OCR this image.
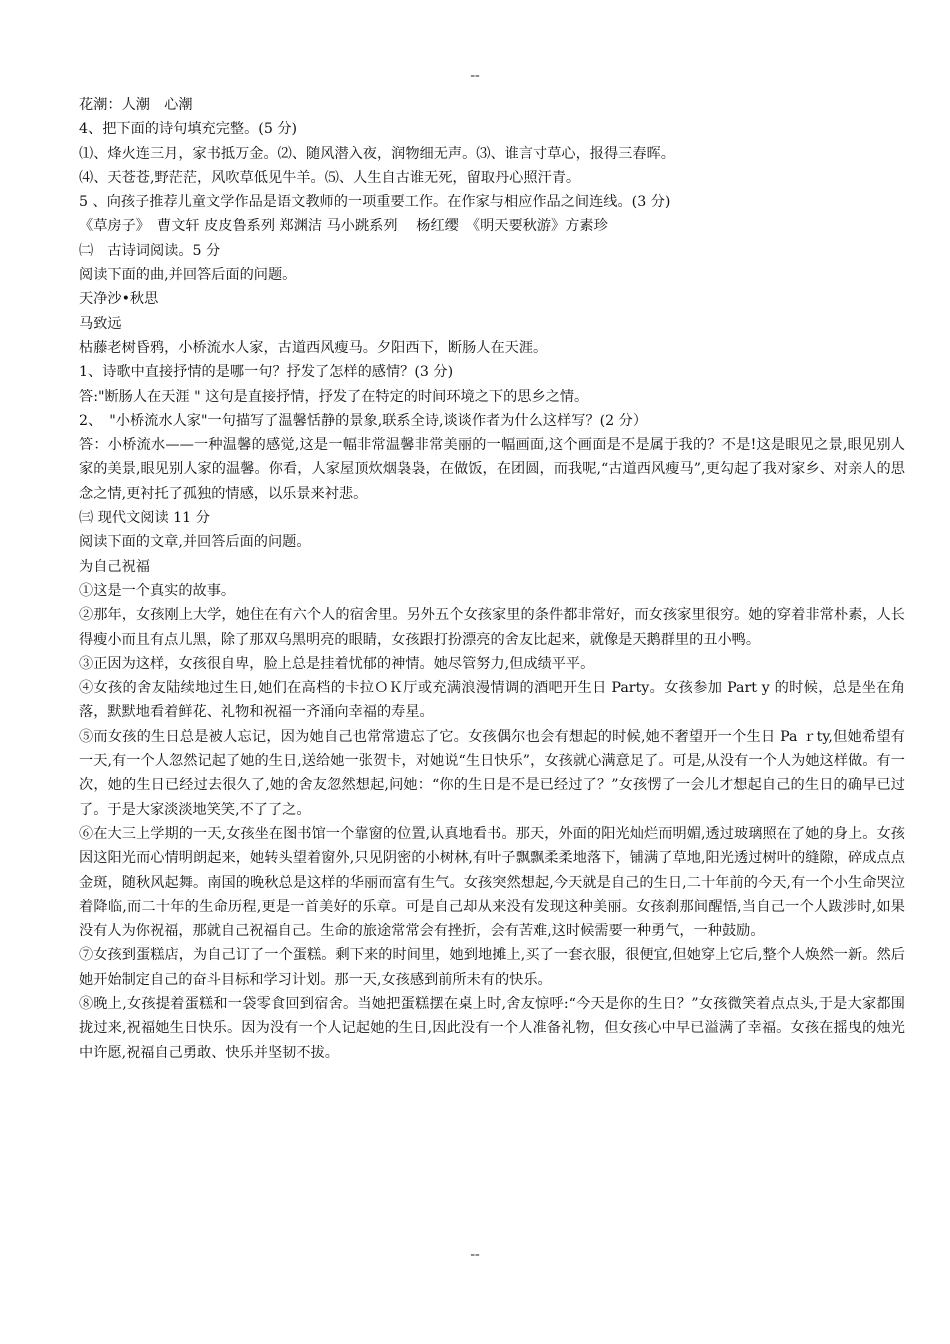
--
花潮：人潮　心潮
4、把下面的诗句填充完整。(5 分)
⑴、烽火连三月，家书抵万金。⑵、随风潜入夜，润物细无声。⑶、谁言寸草心，报得三春晖。
⑷、天苍苍,野茫茫，风吹草低见牛羊。⑸、人生自古谁无死，留取丹心照汗青。
5 、向孩子推荐儿童文学作品是语文教师的一项重要工作。在作家与相应作品之间连线。(3 分)
《草房子》　曹文轩 皮皮鲁系列 郑渊洁 马小跳系列　 杨红缨　《明天要秋游》方素珍
㈡　古诗词阅读。5 分
阅读下面的曲,并回答后面的问题。
天净沙•秋思
马致远
枯藤老树昏鸦，小桥流水人家，古道西风瘦马。夕阳西下，断肠人在天涯。
1、诗歌中直接抒情的是哪一句？抒发了怎样的感情？(3 分)
答:"断肠人在天涯 " 这句是直接抒情，抒发了在特定的时间环境之下的思乡之情。
2、　"小桥流水人家"一句描写了温馨恬静的景象,联系全诗,谈谈作者为什么这样写？(2 分）
答：小桥流水——一种温馨的感觉,这是一幅非常温馨非常美丽的一幅画面,这个画面是不是属于我的？不是!这是眼见之景,眼见别人家的美景,眼见别人家的温馨。你看，人家屋顶炊烟袅袅，在做饭，在团圆，而我呢,“古道西风瘦马”,更勾起了我对家乡、对亲人的思念之情,更衬托了孤独的情感，以乐景来衬悲。
㈢ 现代文阅读 11 分
阅读下面的文章,并回答后面的问题。
为自己祝福
①这是一个真实的故事。
②那年，女孩刚上大学，她住在有六个人的宿舍里。另外五个女孩家里的条件都非常好，而女孩家里很穷。她的穿着非常朴素，人长得瘦小而且有点儿黑，除了那双乌黑明亮的眼睛，女孩跟打扮漂亮的舍友比起来，就像是天鹅群里的丑小鸭。
③正因为这样，女孩很自卑，脸上总是挂着忧郁的神情。她尽管努力,但成绩平平。
④女孩的舍友陆续地过生日,她们在高档的卡拉ＯＫ厅或充满浪漫情调的酒吧开生日 Party。女孩参加 Part y 的时候，总是坐在角落，默默地看着鲜花、礼物和祝福一齐涌向幸福的寿星。
⑤而女孩的生日总是被人忘记，因为她自己也常常遗忘了它。女孩偶尔也会有想起的时候,她不奢望开一个生日 Pa ｒty,但她希望有一天,有一个人忽然记起了她的生日,送给她一张贺卡，对她说“生日快乐”，女孩就心满意足了。可是,从没有一个人为她这样做。有一次，她的生日已经过去很久了,她的舍友忽然想起,问她：“你的生日是不是已经过了？”女孩愣了一会儿才想起自己的生日的确早已过了。于是大家淡淡地笑笑,不了了之。
⑥在大三上学期的一天,女孩坐在图书馆一个靠窗的位置,认真地看书。那天，外面的阳光灿烂而明媚,透过玻璃照在了她的身上。女孩因这阳光而心情明朗起来，她转头望着窗外,只见阴密的小树林,有叶子飘飘柔柔地落下，铺满了草地,阳光透过树叶的缝隙，碎成点点金斑，随秋风起舞。南国的晚秋总是这样的华丽而富有生气。女孩突然想起,今天就是自己的生日,二十年前的今天,有一个小生命哭泣着降临,而二十年的生命历程,更是一首美好的乐章。可是自己却从来没有发现这种美丽。女孩刹那间醒悟,当自己一个人跋涉时,如果没有人为你祝福，那就自己祝福自己。生命的旅途常常会有挫折，会有苦难,这时候需要一种勇气，一种鼓励。
⑦女孩到蛋糕店，为自己订了一个蛋糕。剩下来的时间里，她到地摊上,买了一套衣服，很便宜,但她穿上它后,整个人焕然一新。然后她开始制定自己的奋斗目标和学习计划。那一天,女孩感到前所未有的快乐。
⑧晚上,女孩提着蛋糕和一袋零食回到宿舍。当她把蛋糕摆在桌上时,舍友惊呼:“今天是你的生日？”女孩微笑着点点头,于是大家都围拢过来,祝福她生日快乐。因为没有一个人记起她的生日,因此没有一个人准备礼物，但女孩心中早已溢满了幸福。女孩在摇曳的烛光中许愿,祝福自己勇敢、快乐并坚韧不拔。
--
